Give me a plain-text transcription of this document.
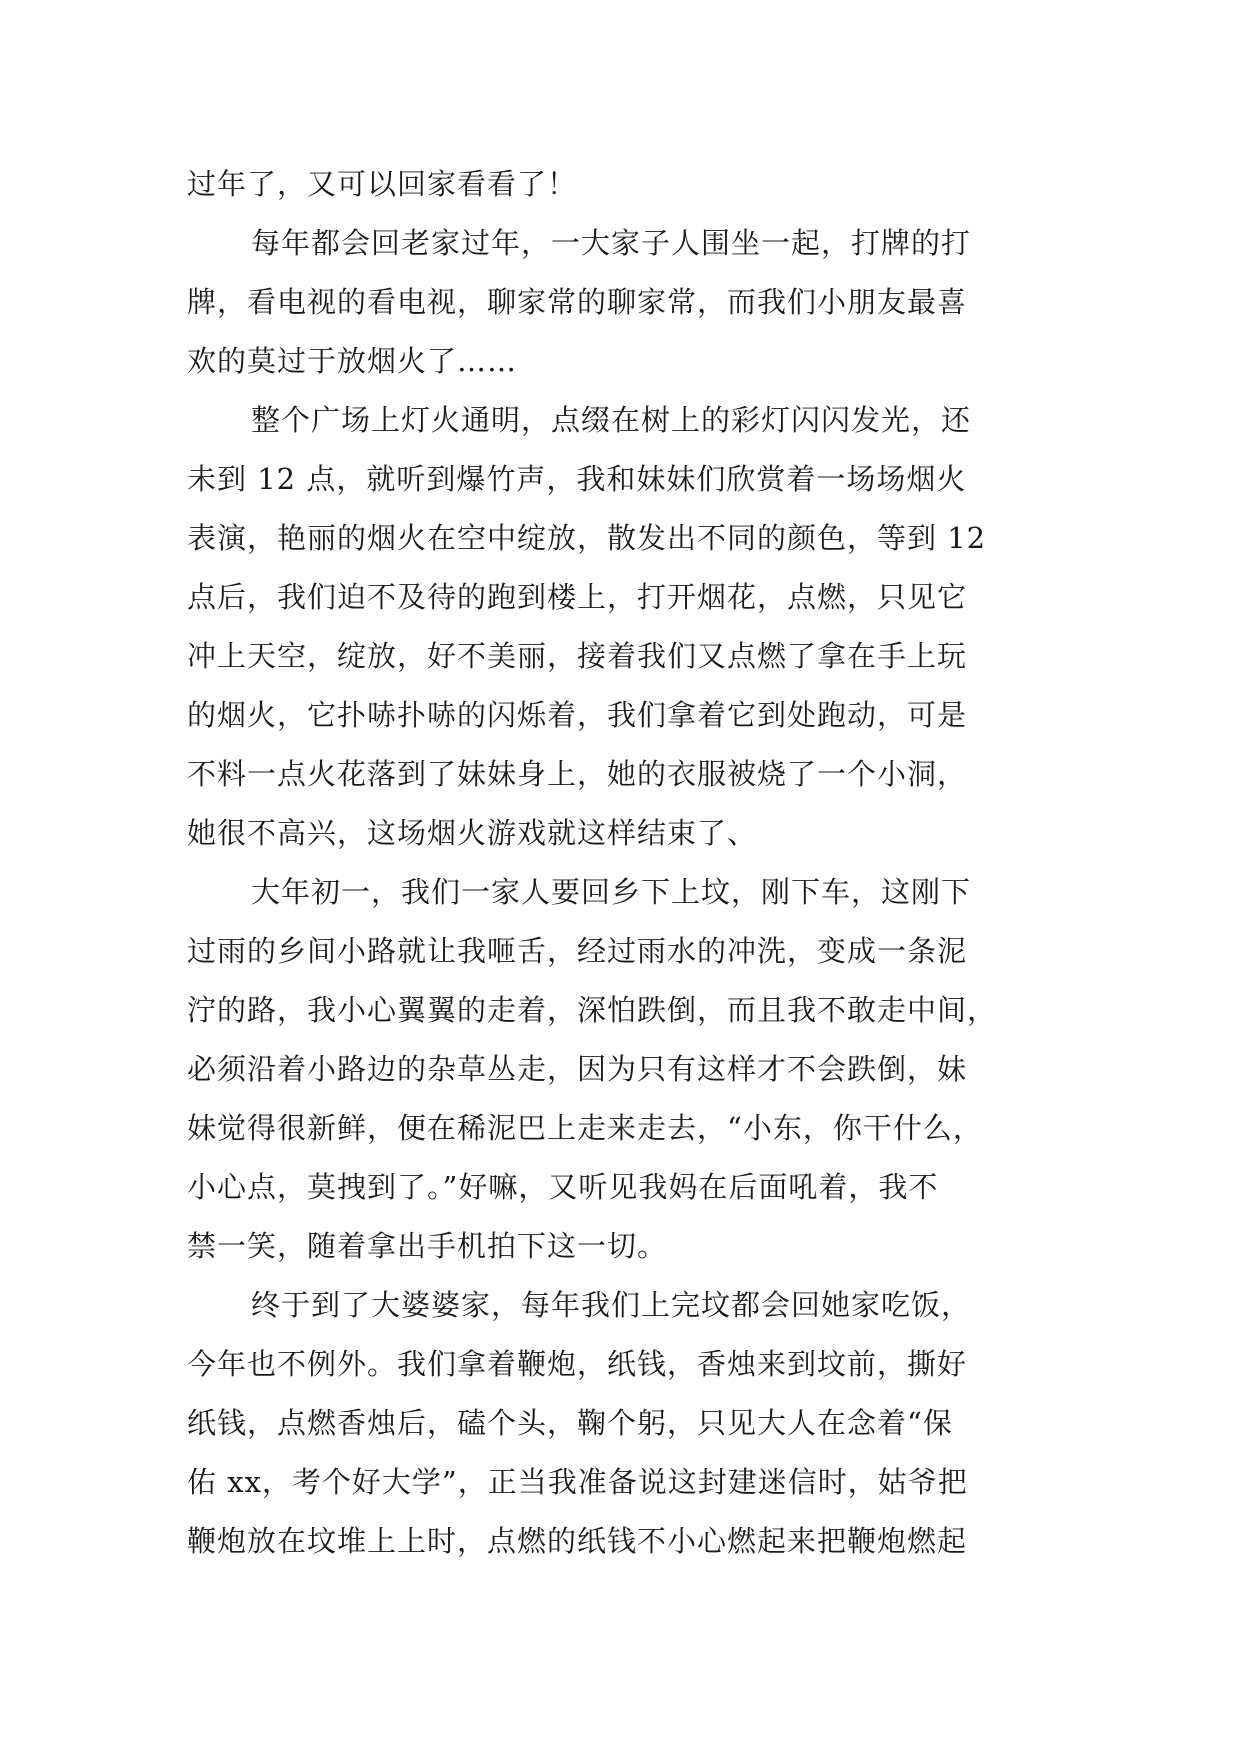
过年了，又可以回家看看了！
每年都会回老家过年，一大家子人围坐一起，打牌的打
牌，看电视的看电视，聊家常的聊家常，而我们小朋友最喜
欢的莫过于放烟火了……
整个广场上灯火通明，点缀在树上的彩灯闪闪发光，还
未到 12 点，就听到爆竹声，我和妹妹们欣赏着一场场烟火
表演，艳丽的烟火在空中绽放，散发出不同的颜色，等到 12
点后，我们迫不及待的跑到楼上，打开烟花，点燃，只见它
冲上天空，绽放，好不美丽，接着我们又点燃了拿在手上玩
的烟火，它扑哧扑哧的闪烁着，我们拿着它到处跑动，可是
不料一点火花落到了妹妹身上，她的衣服被烧了一个小洞，
她很不高兴，这场烟火游戏就这样结束了、
大年初一，我们一家人要回乡下上坟，刚下车，这刚下
过雨的乡间小路就让我咂舌，经过雨水的冲洗，变成一条泥
泞的路，我小心翼翼的走着，深怕跌倒，而且我不敢走中间，
必须沿着小路边的杂草丛走，因为只有这样才不会跌倒，妹
妹觉得很新鲜，便在稀泥巴上走来走去，“小东，你干什么，
小心点，莫拽到了。”好嘛，又听见我妈在后面吼着，我不
禁一笑，随着拿出手机拍下这一切。
终于到了大婆婆家，每年我们上完坟都会回她家吃饭，
今年也不例外。我们拿着鞭炮，纸钱，香烛来到坟前，撕好
纸钱，点燃香烛后，磕个头，鞠个躬，只见大人在念着“保
佑 xx，考个好大学”，正当我准备说这封建迷信时，姑爷把
鞭炮放在坟堆上上时，点燃的纸钱不小心燃起来把鞭炮燃起
